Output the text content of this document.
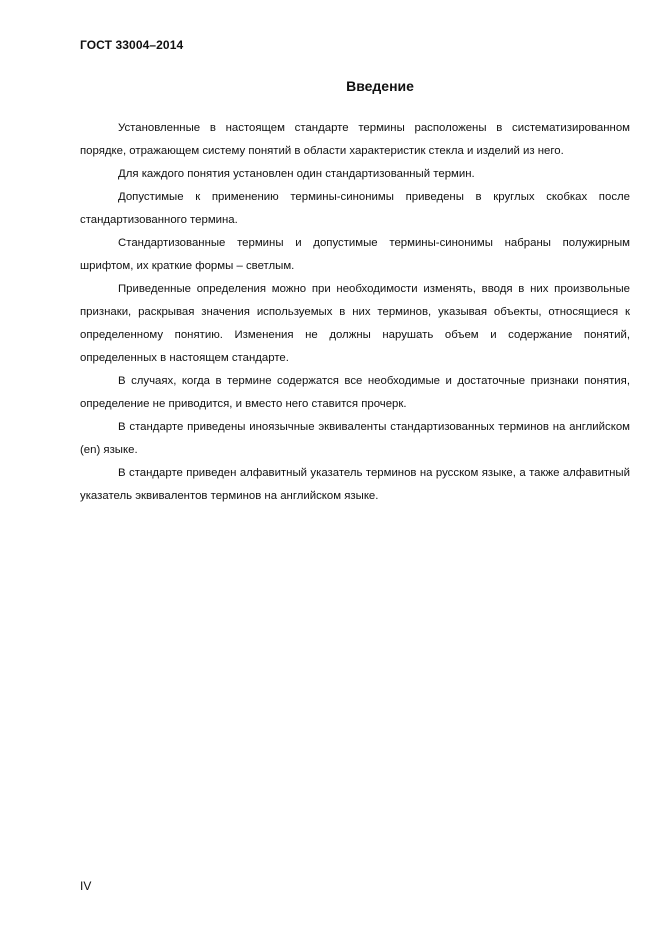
ГОСТ 33004–2014
Введение

Установленные в настоящем стандарте термины расположены в систематизированном порядке, отражающем систему понятий в области характеристик стекла и изделий из него.

Для каждого понятия установлен один стандартизованный термин.

Допустимые к применению термины-синонимы приведены в круглых скобках после стандартизованного термина.

Стандартизованные термины и допустимые термины-синонимы набраны полужирным шрифтом, их краткие формы – светлым.

Приведенные определения можно при необходимости изменять, вводя в них произвольные признаки, раскрывая значения используемых в них терминов, указывая объекты, относящиеся к определенному понятию. Изменения не должны нарушать объем и содержание понятий, определенных в настоящем стандарте.

В случаях, когда в термине содержатся все необходимые и достаточные признаки понятия, определение не приводится, и вместо него ставится прочерк.

В стандарте приведены иноязычные эквиваленты стандартизованных терминов на английском (en) языке.

В стандарте приведен алфавитный указатель терминов на русском языке, а также алфавитный указатель эквивалентов терминов на английском языке.

IV
